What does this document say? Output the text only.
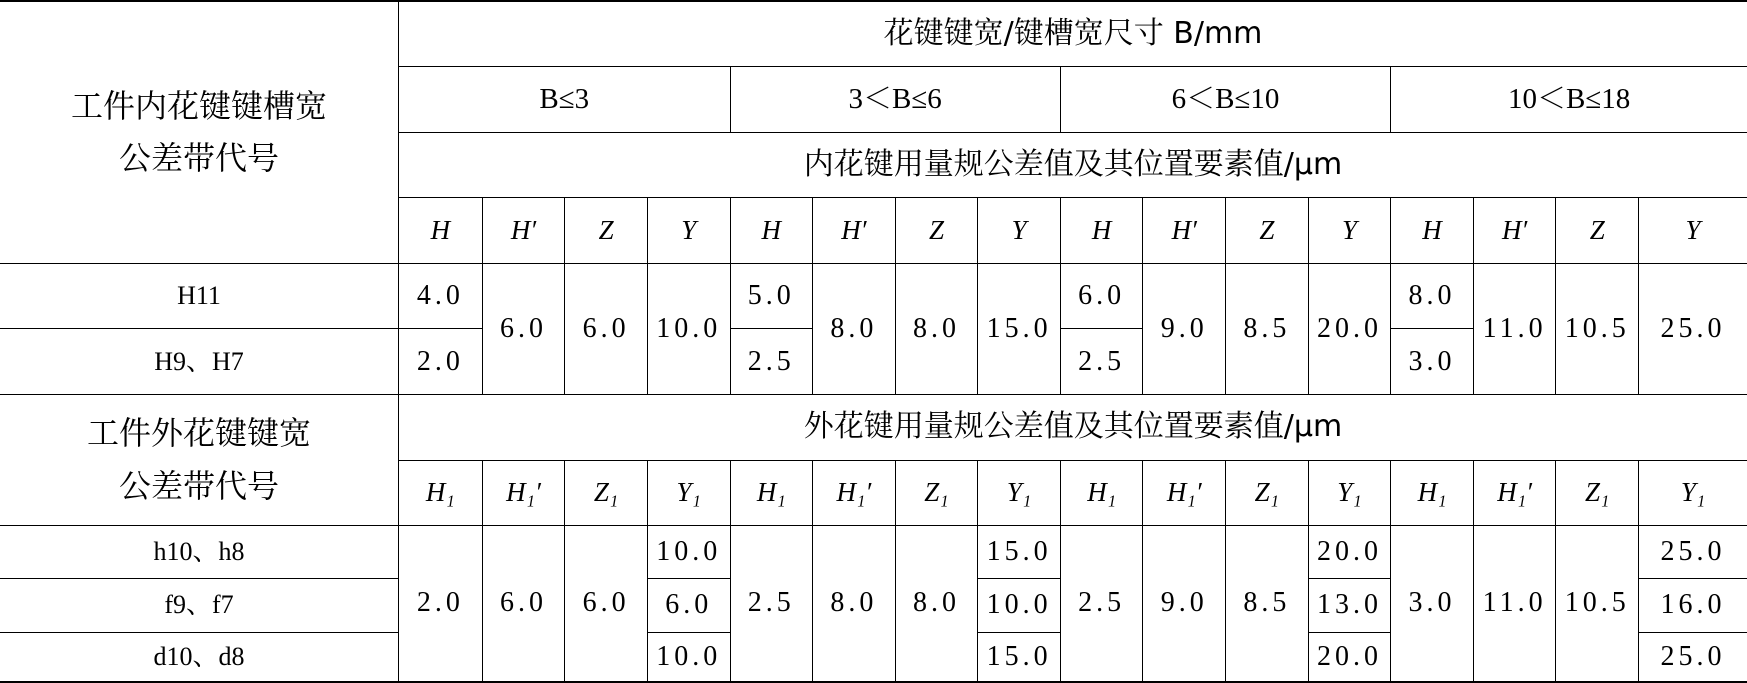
工件内花键键槽宽
公差带代号	花键键宽/键槽宽尺寸 B/mm															
	B≤3				3＜B≤6				6＜B≤10				10＜B≤18			
	内花键用量规公差值及其位置要素值/μm															
	H	H′	Z	Y	H	H′	Z	Y	H	H′	Z	Y	H	H′	Z	Y
H11	4.0	6.0	6.0	10.0	5.0	8.0	8.0	15.0	6.0	9.0	8.5	20.0	8.0	11.0	10.5	25.0
H9、H7	2.0				2.5				2.5				3.0			
工件外花键键宽
公差带代号	外花键用量规公差值及其位置要素值/μm															
	H₁	H₁′	Z₁	Y₁	H₁	H₁′	Z₁	Y₁	H₁	H₁′	Z₁	Y₁	H₁	H₁′	Z₁	Y₁
h10、h8	2.0	6.0	6.0	10.0	2.5	8.0	8.0	15.0	2.5	9.0	8.5	20.0	3.0	11.0	10.5	25.0
f9、f7				6.0				10.0				13.0				16.0
d10、d8				10.0				15.0				20.0				25.0
